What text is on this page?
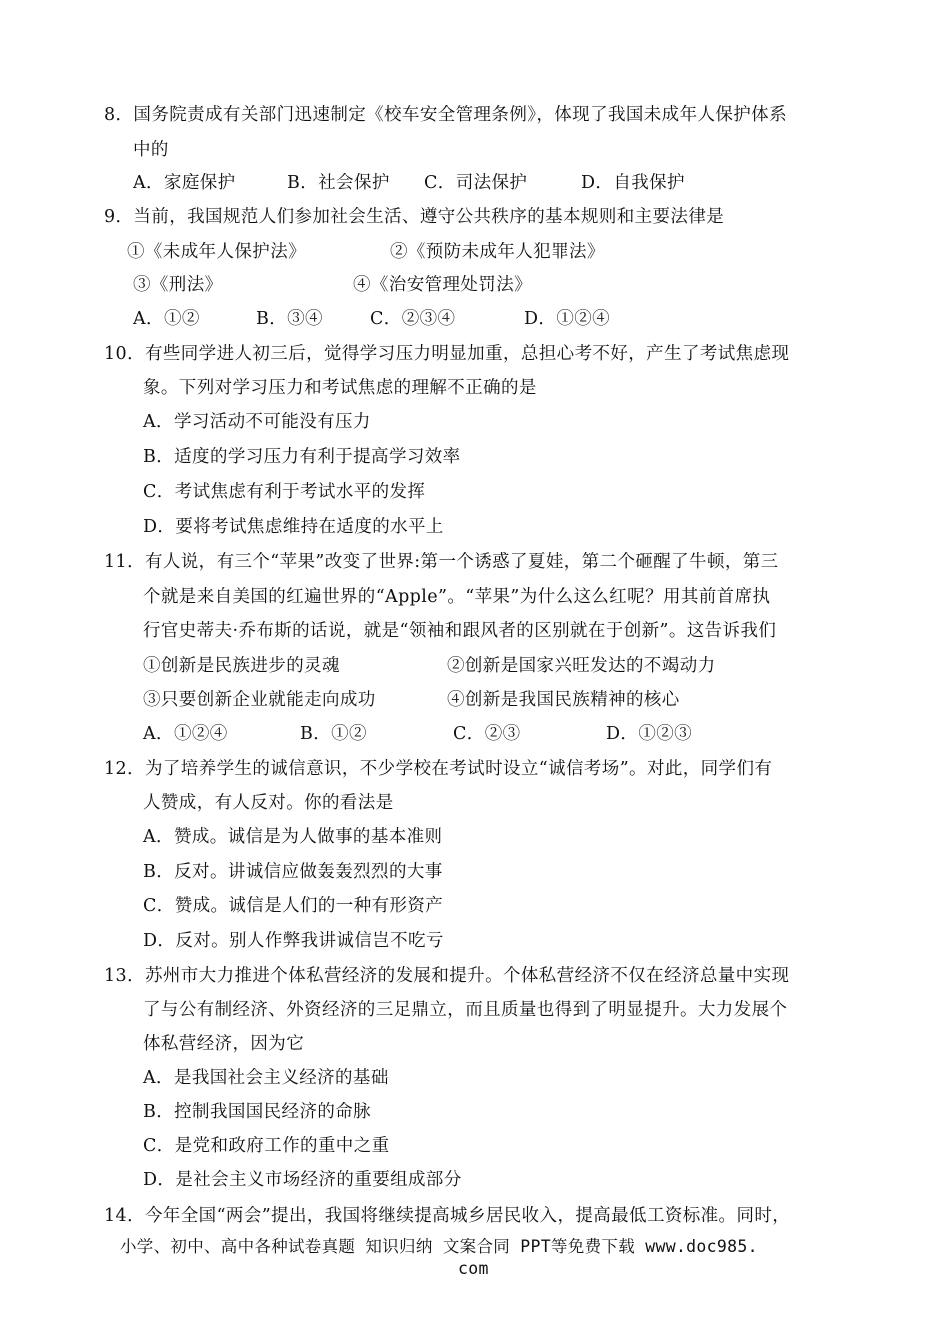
8．国务院责成有关部门迅速制定《校车安全管理条例》，体现了我国未成年人保护体系
中的
A．家庭保护	B．社会保护 C．司法保护	D．自我保护
9．当前，我国规范人们参加社会生活、遵守公共秩序的基本规则和主要法律是
①《未成年人保护法》	②《预防未成年人犯罪法》
③《刑法》	④《治安管理处罚法》
A．①②	B．③④	C．②③④	D．①②④
10．有些同学进人初三后，觉得学习压力明显加重，总担心考不好，产生了考试焦虑现
象。下列对学习压力和考试焦虑的理解不正确的是
A．学习活动不可能没有压力
B．适度的学习压力有利于提高学习效率
C．考试焦虑有利于考试水平的发挥
D．要将考试焦虑维持在适度的水平上
11．有人说，有三个“苹果”改变了世界:第一个诱惑了夏娃，第二个砸醒了牛顿，第三
个就是来自美国的红遍世界的“Apple”。“苹果”为什么这么红呢？用其前首席执
行官史蒂夫·乔布斯的话说，就是“领袖和跟风者的区别就在于创新”。这告诉我们
①创新是民族进步的灵魂	②创新是国家兴旺发达的不竭动力
③只要创新企业就能走向成功	④创新是我国民族精神的核心
A．①②④	B．①②	C．②③	D．①②③
12．为了培养学生的诚信意识，不少学校在考试时设立“诚信考场”。对此，同学们有
人赞成，有人反对。你的看法是
A．赞成。诚信是为人做事的基本准则
B．反对。讲诚信应做轰轰烈烈的大事
C．赞成。诚信是人们的一种有形资产
D．反对。别人作弊我讲诚信岂不吃亏
13．苏州市大力推进个体私营经济的发展和提升。个体私营经济不仅在经济总量中实现
了与公有制经济、外资经济的三足鼎立，而且质量也得到了明显提升。大力发展个
体私营经济，因为它
A．是我国社会主义经济的基础
B．控制我国国民经济的命脉
C．是党和政府工作的重中之重
D．是社会主义市场经济的重要组成部分
14．今年全国“两会”提出，我国将继续提高城乡居民收入，提高最低工资标准。同时，
小学、初中、高中各种试卷真题 知识归纳 文案合同 PPT等免费下载 www.doc985.
com
